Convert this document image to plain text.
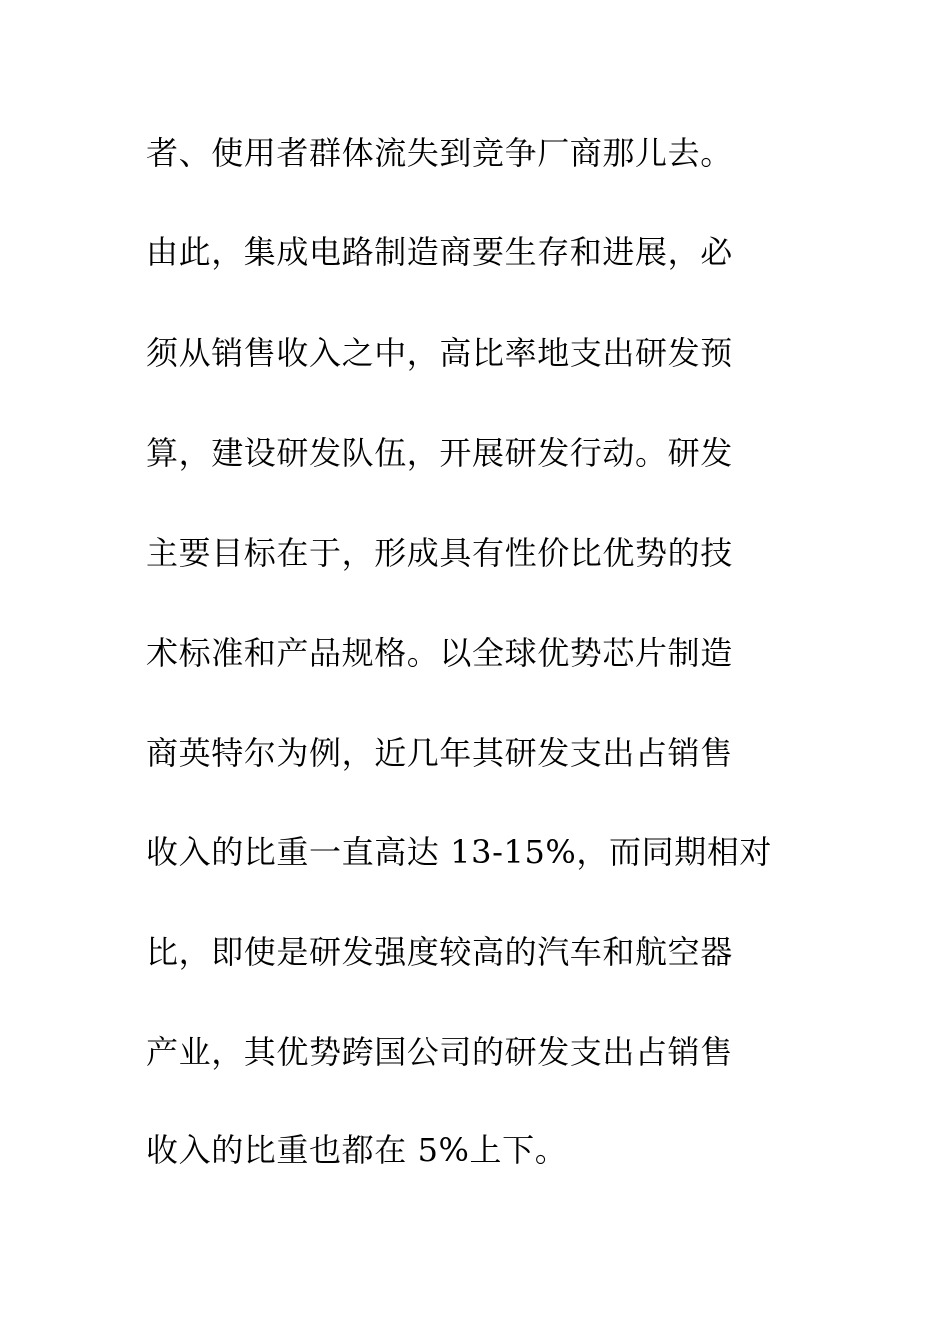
者、使用者群体流失到竞争厂商那儿去。
由此，集成电路制造商要生存和进展，必
须从销售收入之中，高比率地支出研发预
算，建设研发队伍，开展研发行动。研发
主要目标在于，形成具有性价比优势的技
术标准和产品规格。以全球优势芯片制造
商英特尔为例，近几年其研发支出占销售
收入的比重一直高达 13-15%，而同期相对
比，即使是研发强度较高的汽车和航空器
产业，其优势跨国公司的研发支出占销售
收入的比重也都在 5%上下。
